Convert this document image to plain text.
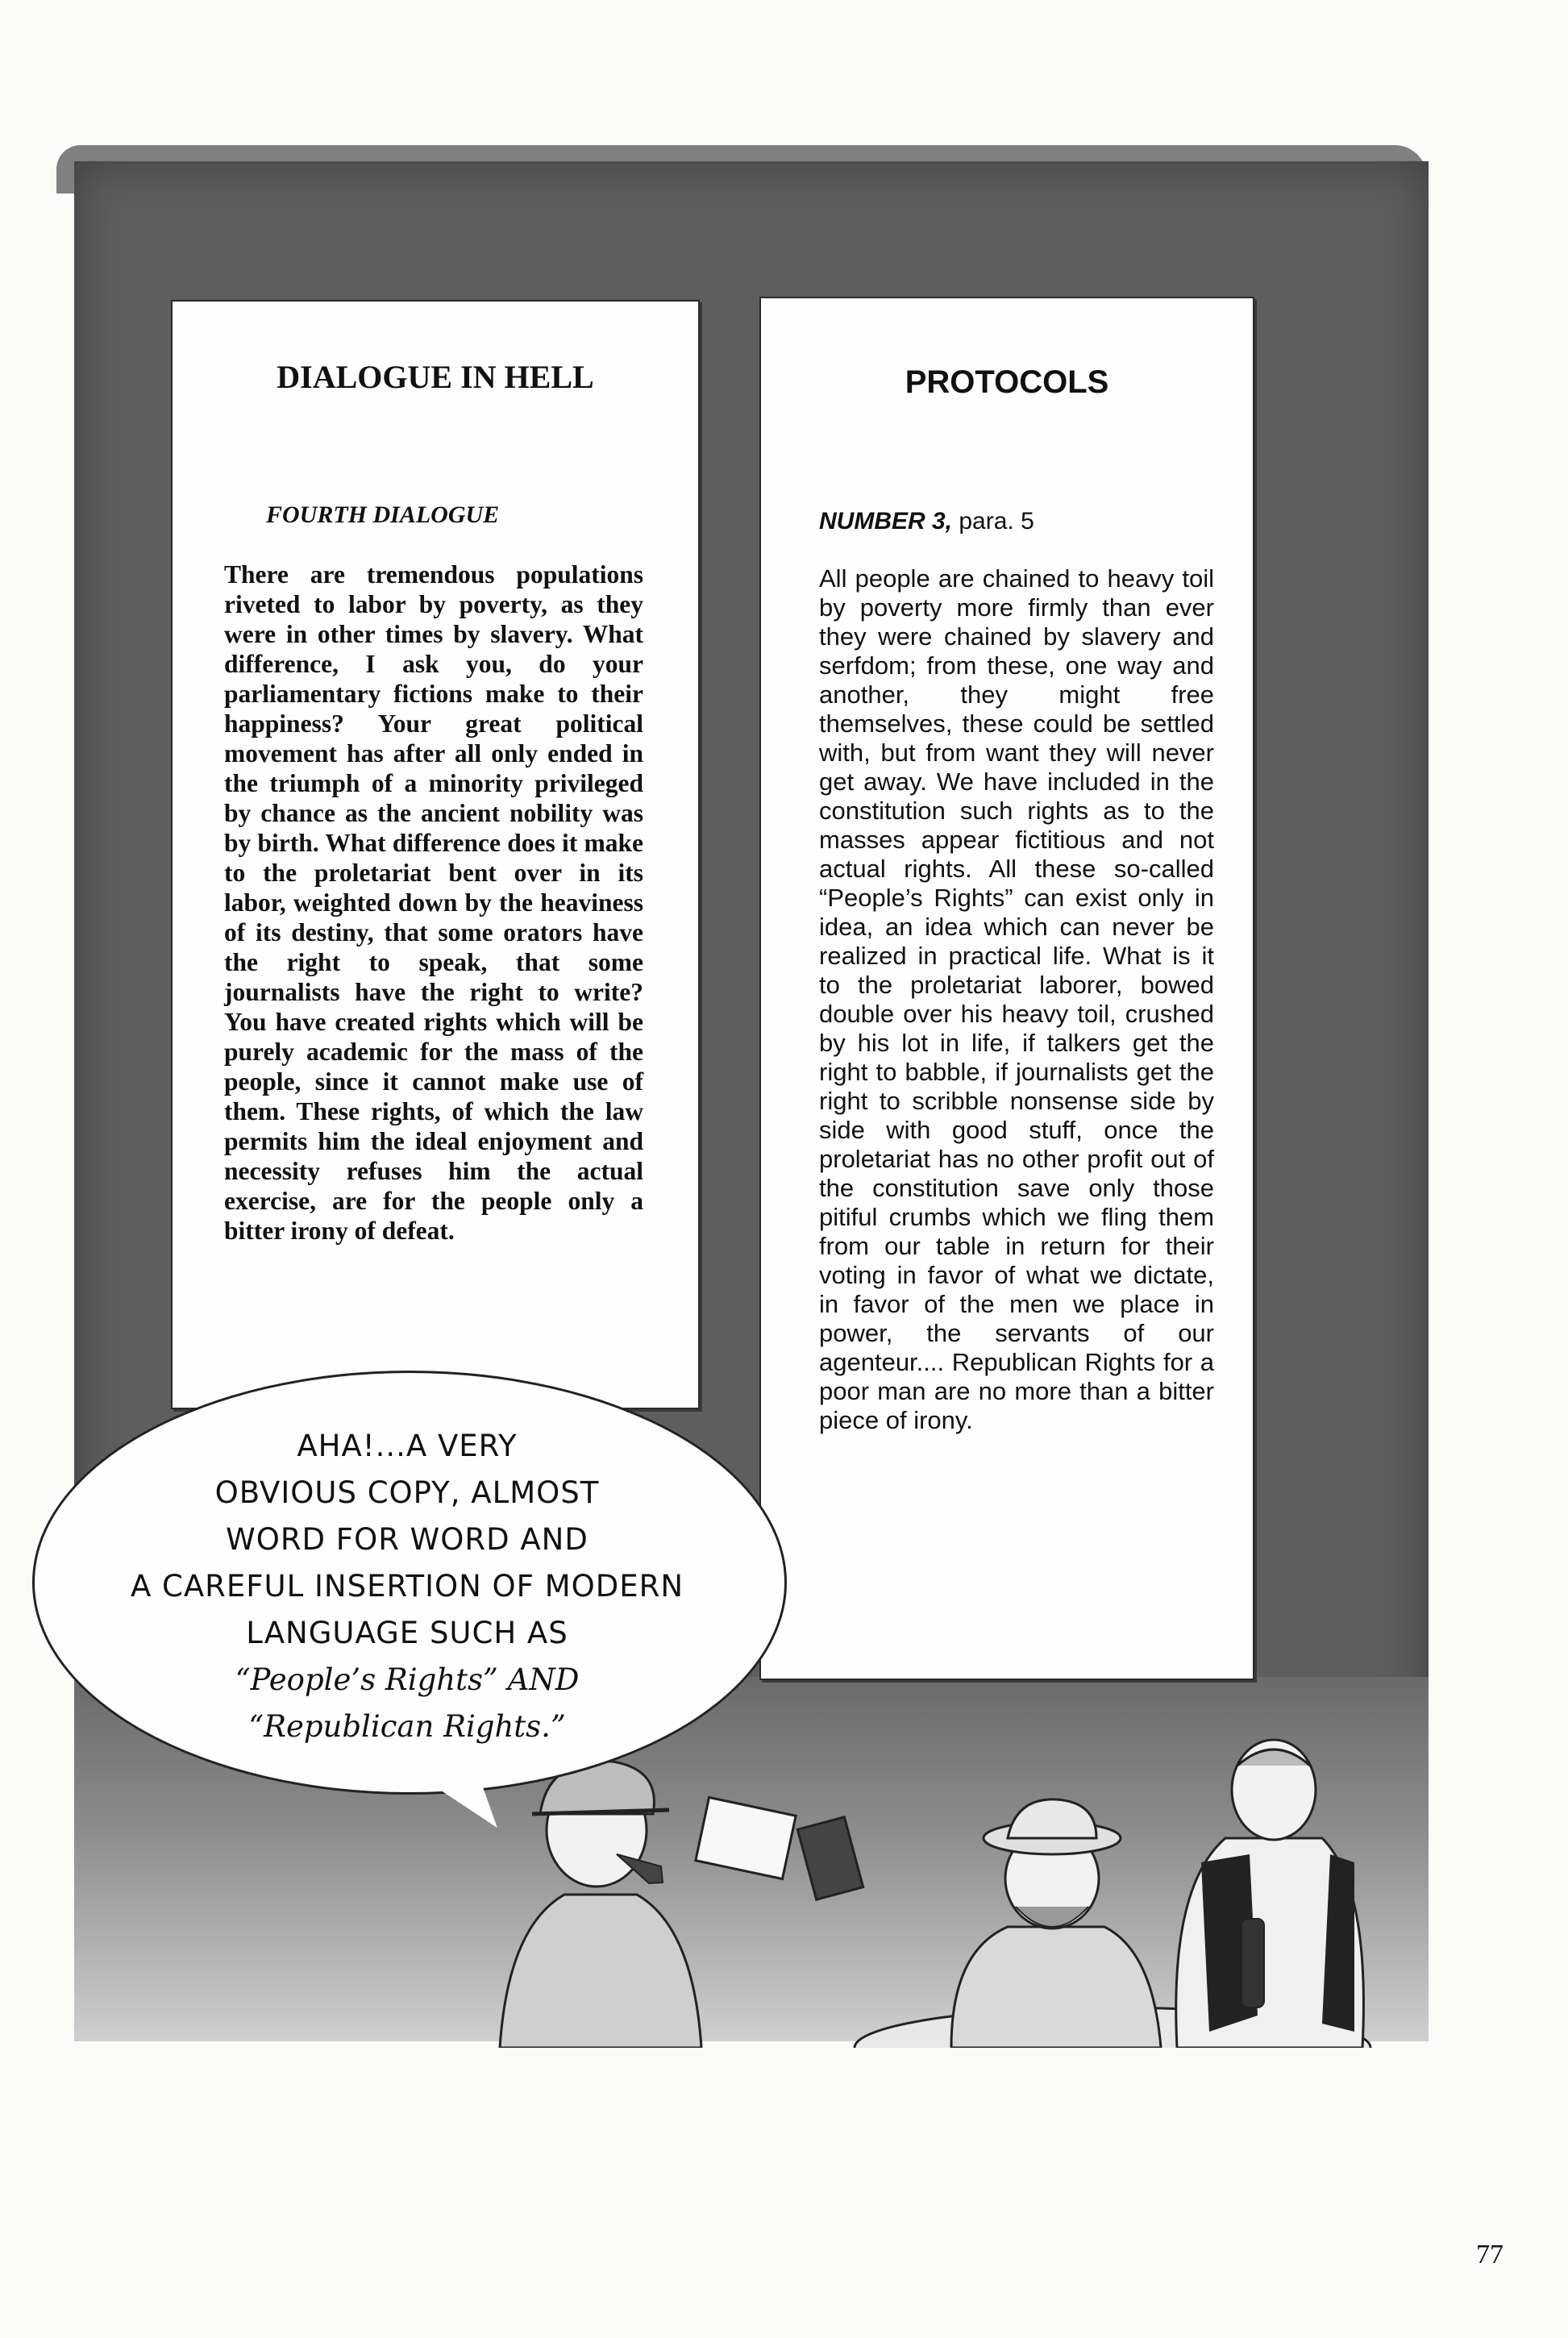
DIALOGUE IN HELL
FOURTH DIALOGUE
There are tremendous populations riveted to labor by poverty, as they were in other times by slavery. What difference, I ask you, do your parliamentary fictions make to their happiness? Your great political movement has after all only ended in the triumph of a minority privileged by chance as the ancient nobility was by birth. What difference does it make to the proletariat bent over in its labor, weighted down by the heaviness of its destiny, that some orators have the right to speak, that some journalists have the right to write? You have created rights which will be purely academic for the mass of the people, since it cannot make use of them. These rights, of which the law permits him the ideal enjoyment and necessity refuses him the actual exercise, are for the people only a bitter irony of defeat.
PROTOCOLS
NUMBER 3, para. 5
All people are chained to heavy toil by poverty more firmly than ever they were chained by slavery and serfdom; from these, one way and another, they might free themselves, these could be settled with, but from want they will never get away. We have included in the constitution such rights as to the masses appear fictitious and not actual rights. All these so-called “People’s Rights” can exist only in idea, an idea which can never be realized in practical life. What is it to the proletariat laborer, bowed double over his heavy toil, crushed by his lot in life, if talkers get the right to babble, if journalists get the right to scribble nonsense side by side with good stuff, once the proletariat has no other profit out of the constitution save only those pitiful crumbs which we fling them from our table in return for their voting in favor of what we dictate, in favor of the men we place in power, the servants of our agenteur.... Republican Rights for a poor man are no more than a bitter piece of irony.
AHA!...A VERY
OBVIOUS COPY, ALMOST
WORD FOR WORD AND
A CAREFUL INSERTION OF MODERN
LANGUAGE SUCH AS
“People’s Rights” AND
“Republican Rights.”
77
